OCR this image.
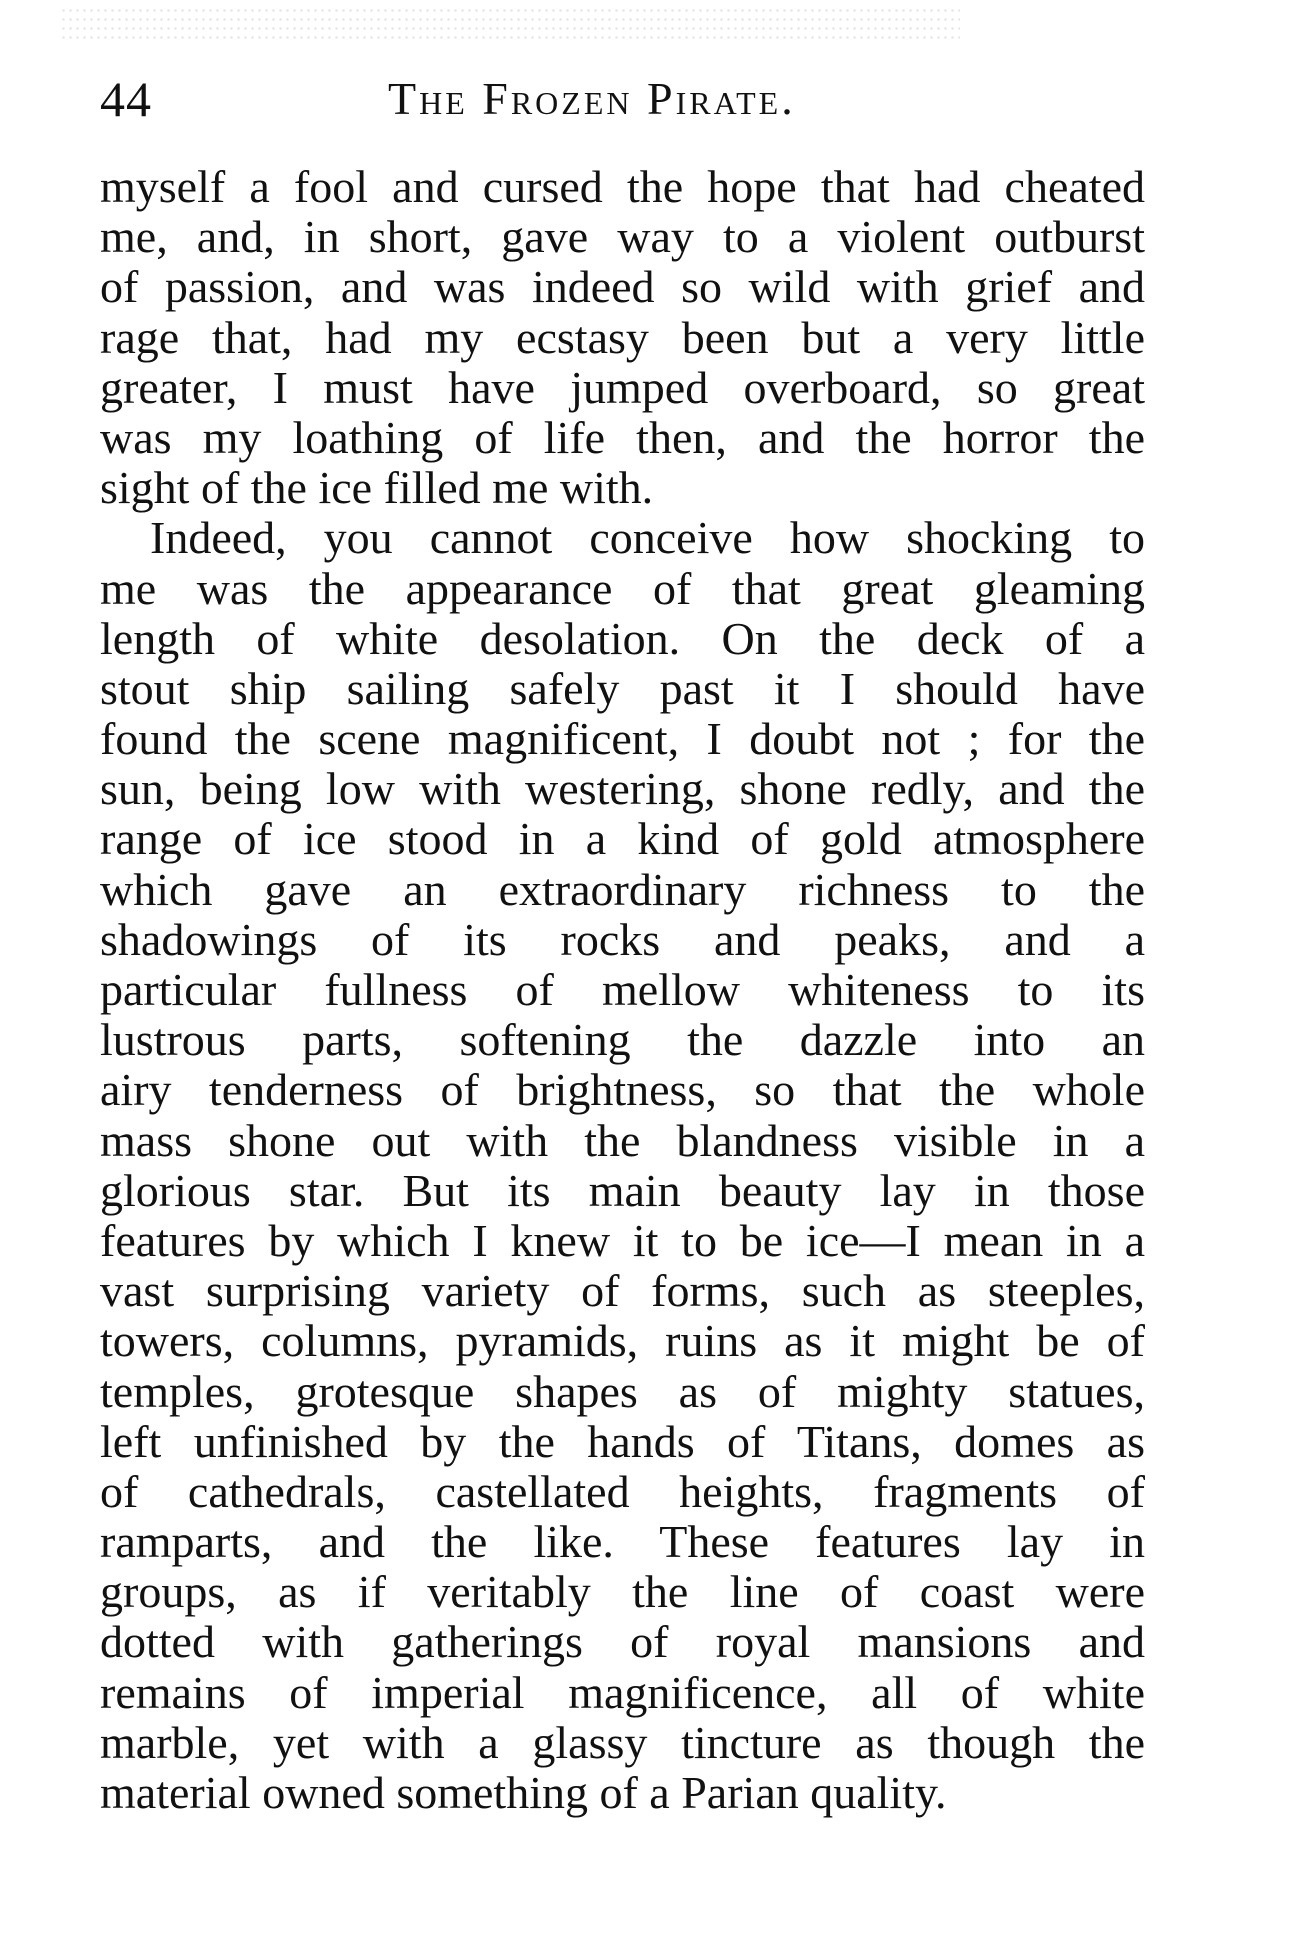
44	The Frozen Pirate.
myself a fool and cursed the hope that had cheated
me, and, in short, gave way to a violent outburst
of passion, and was indeed so wild with grief and
rage that, had my ecstasy been but a very little
greater, I must have jumped overboard, so great
was my loathing of life then, and the horror the
sight of the ice filled me with.
Indeed, you cannot conceive how shocking to
me was the appearance of that great gleaming
length of white desolation. On the deck of a
stout ship sailing safely past it I should have
found the scene magnificent, I doubt not ; for the
sun, being low with westering, shone redly, and the
range of ice stood in a kind of gold atmosphere
which gave an extraordinary richness to the
shadowings of its rocks and peaks, and a
particular fullness of mellow whiteness to its
lustrous parts, softening the dazzle into an
airy tenderness of brightness, so that the whole
mass shone out with the blandness visible in a
glorious star. But its main beauty lay in those
features by which I knew it to be ice—I mean in a
vast surprising variety of forms, such as steeples,
towers, columns, pyramids, ruins as it might be of
temples, grotesque shapes as of mighty statues,
left unfinished by the hands of Titans, domes as
of cathedrals, castellated heights, fragments of
ramparts, and the like. These features lay in
groups, as if veritably the line of coast were
dotted with gatherings of royal mansions and
remains of imperial magnificence, all of white
marble, yet with a glassy tincture as though the
material owned something of a Parian quality.
